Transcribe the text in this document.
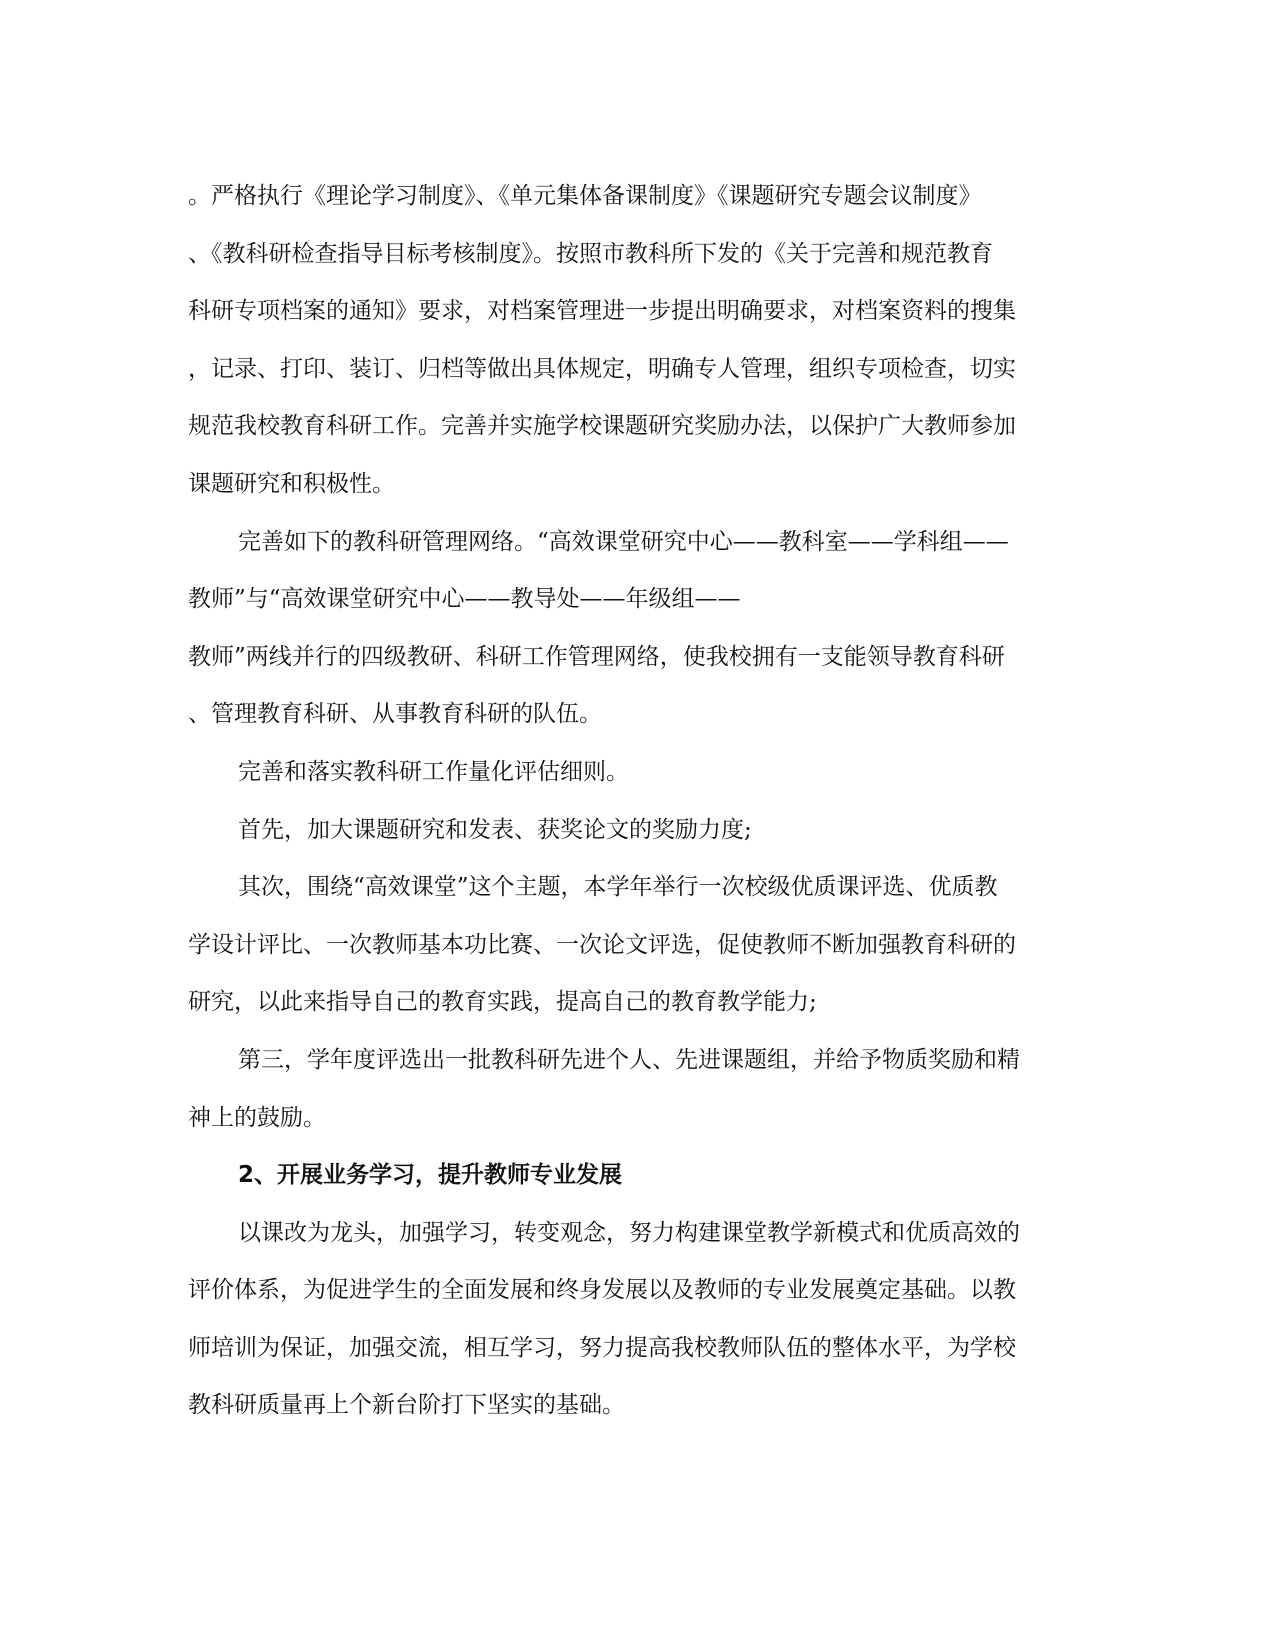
。严格执行《理论学习制度》、《单元集体备课制度》《课题研究专题会议制度》
、《教科研检查指导目标考核制度》。按照市教科所下发的《关于完善和规范教育
科研专项档案的通知》要求，对档案管理进一步提出明确要求，对档案资料的搜集
，记录、打印、装订、归档等做出具体规定，明确专人管理，组织专项检查，切实
规范我校教育科研工作。完善并实施学校课题研究奖励办法，以保护广大教师参加
课题研究和积极性。
完善如下的教科研管理网络。“高效课堂研究中心——教科室——学科组——
教师”与“高效课堂研究中心——教导处——年级组——
教师”两线并行的四级教研、科研工作管理网络，使我校拥有一支能领导教育科研
、管理教育科研、从事教育科研的队伍。
完善和落实教科研工作量化评估细则。
首先，加大课题研究和发表、获奖论文的奖励力度;
其次，围绕“高效课堂”这个主题，本学年举行一次校级优质课评选、优质教
学设计评比、一次教师基本功比赛、一次论文评选，促使教师不断加强教育科研的
研究，以此来指导自己的教育实践，提高自己的教育教学能力;
第三，学年度评选出一批教科研先进个人、先进课题组，并给予物质奖励和精
神上的鼓励。
2、开展业务学习，提升教师专业发展
以课改为龙头，加强学习，转变观念，努力构建课堂教学新模式和优质高效的
评价体系，为促进学生的全面发展和终身发展以及教师的专业发展奠定基础。以教
师培训为保证，加强交流，相互学习，努力提高我校教师队伍的整体水平，为学校
教科研质量再上个新台阶打下坚实的基础。
